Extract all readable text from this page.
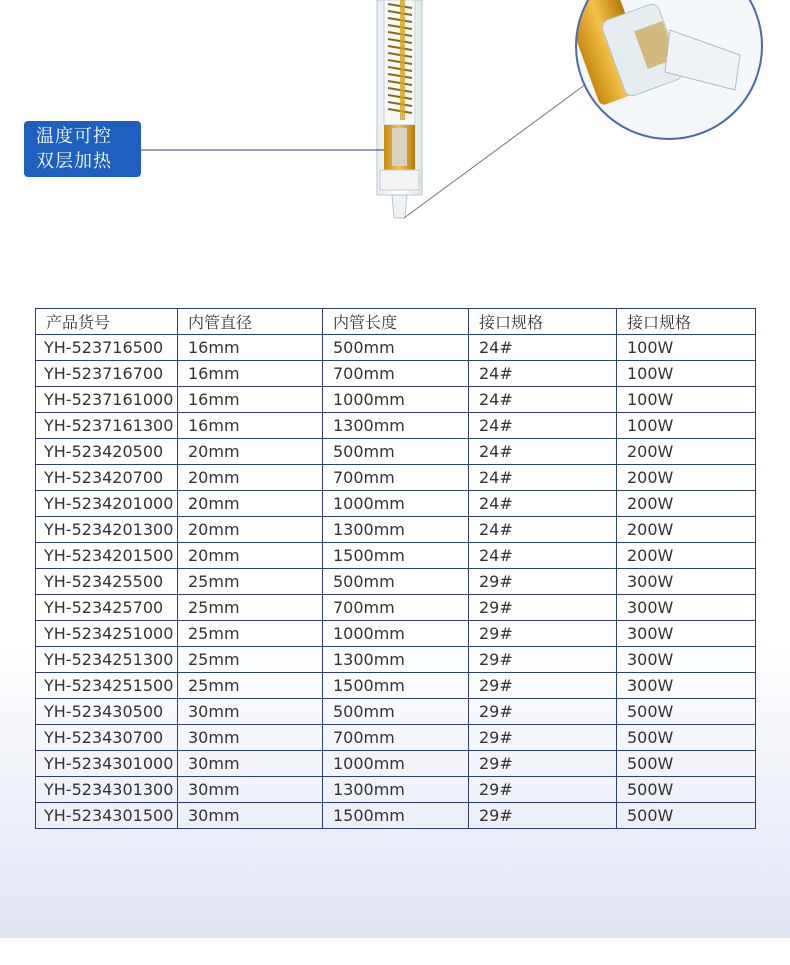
温度可控
双层加热
产品货号	内管直径	内管长度	接口规格	接口规格
YH-523716500	16mm	500mm	24#	100W
YH-523716700	16mm	700mm	24#	100W
YH-5237161000	16mm	1000mm	24#	100W
YH-5237161300	16mm	1300mm	24#	100W
YH-523420500	20mm	500mm	24#	200W
YH-523420700	20mm	700mm	24#	200W
YH-5234201000	20mm	1000mm	24#	200W
YH-5234201300	20mm	1300mm	24#	200W
YH-5234201500	20mm	1500mm	24#	200W
YH-523425500	25mm	500mm	29#	300W
YH-523425700	25mm	700mm	29#	300W
YH-5234251000	25mm	1000mm	29#	300W
YH-5234251300	25mm	1300mm	29#	300W
YH-5234251500	25mm	1500mm	29#	300W
YH-523430500	30mm	500mm	29#	500W
YH-523430700	30mm	700mm	29#	500W
YH-5234301000	30mm	1000mm	29#	500W
YH-5234301300	30mm	1300mm	29#	500W
YH-5234301500	30mm	1500mm	29#	500W
